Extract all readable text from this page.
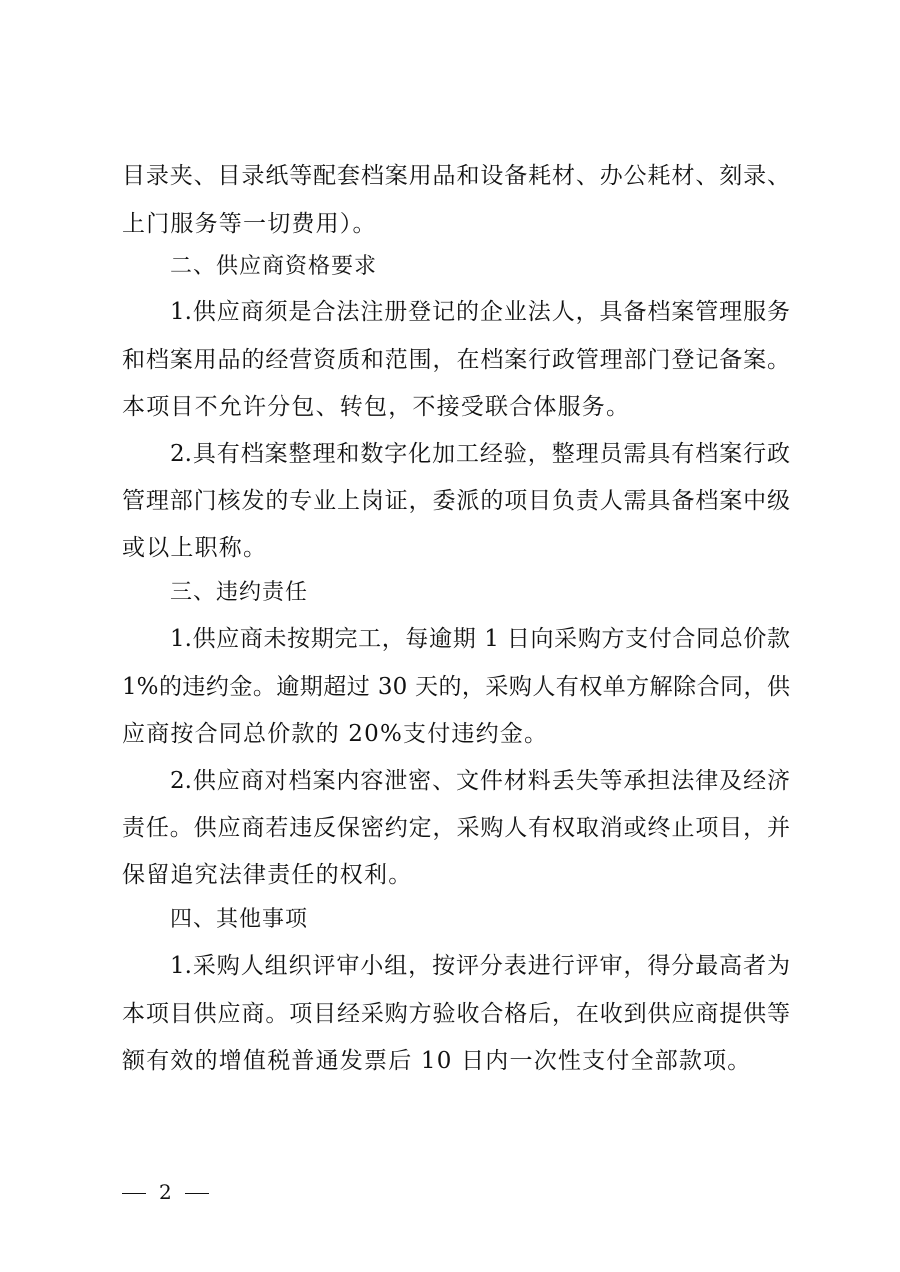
目录夹、目录纸等配套档案用品和设备耗材、办公耗材、刻录、
上门服务等一切费用）。
二、供应商资格要求
1.供应商须是合法注册登记的企业法人，具备档案管理服务
和档案用品的经营资质和范围，在档案行政管理部门登记备案。
本项目不允许分包、转包，不接受联合体服务。
2.具有档案整理和数字化加工经验，整理员需具有档案行政
管理部门核发的专业上岗证，委派的项目负责人需具备档案中级
或以上职称。
三、违约责任
1.供应商未按期完工，每逾期 1 日向采购方支付合同总价款
1%的违约金。逾期超过 30 天的，采购人有权单方解除合同，供
应商按合同总价款的 20%支付违约金。
2.供应商对档案内容泄密、文件材料丢失等承担法律及经济
责任。供应商若违反保密约定，采购人有权取消或终止项目，并
保留追究法律责任的权利。
四、其他事项
1.采购人组织评审小组，按评分表进行评审，得分最高者为
本项目供应商。项目经采购方验收合格后，在收到供应商提供等
额有效的增值税普通发票后 10 日内一次性支付全部款项。
2
